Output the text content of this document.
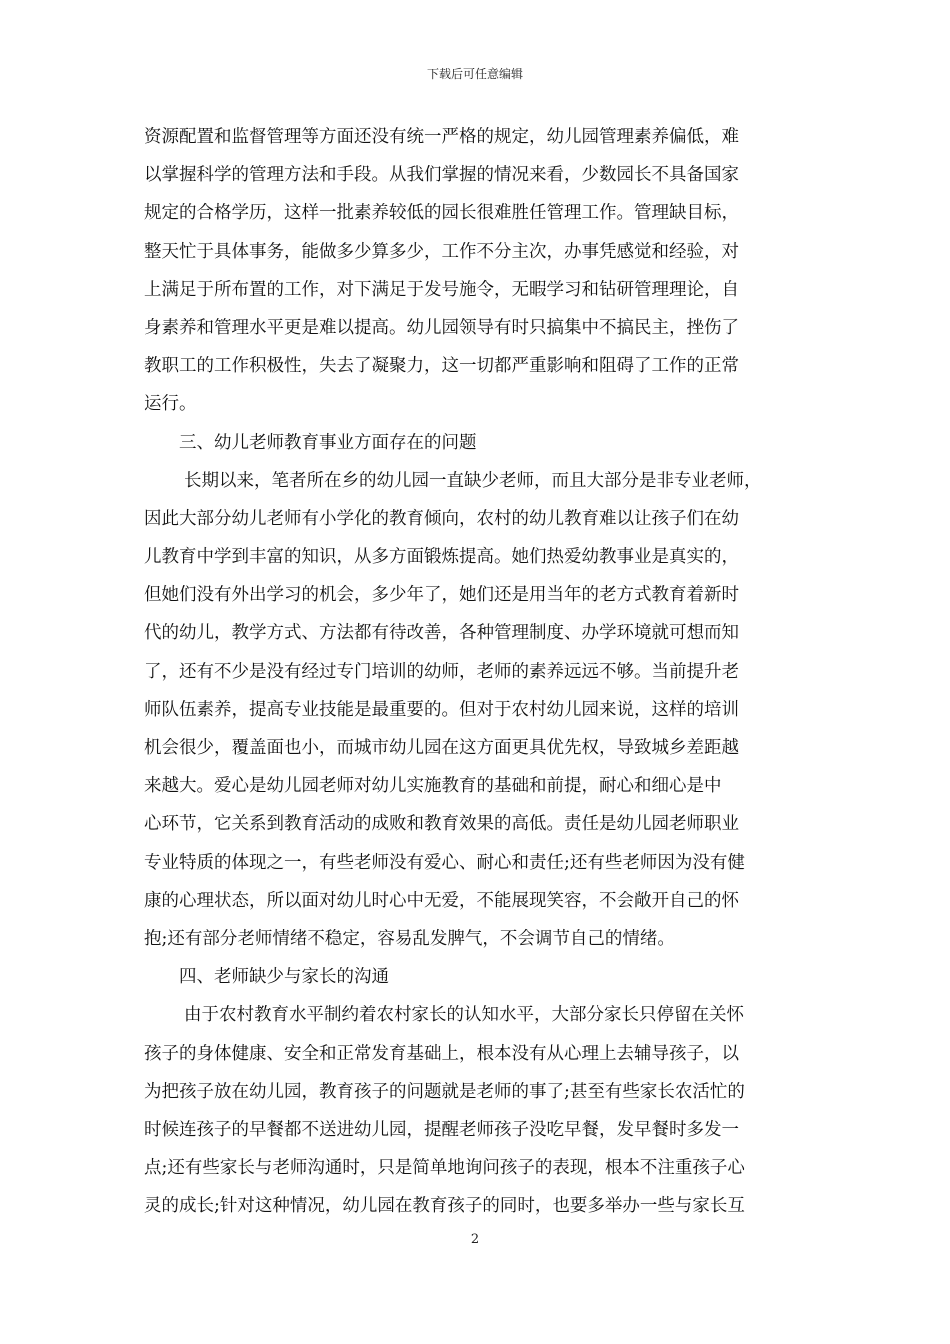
下载后可任意编辑
资源配置和监督管理等方面还没有统一严格的规定，幼儿园管理素养偏低，难
以掌握科学的管理方法和手段。从我们掌握的情况来看，少数园长不具备国家
规定的合格学历，这样一批素养较低的园长很难胜任管理工作。管理缺目标，
整天忙于具体事务，能做多少算多少，工作不分主次，办事凭感觉和经验，对
上满足于所布置的工作，对下满足于发号施令，无暇学习和钻研管理理论，自
身素养和管理水平更是难以提高。幼儿园领导有时只搞集中不搞民主，挫伤了
教职工的工作积极性，失去了凝聚力，这一切都严重影响和阻碍了工作的正常
运行。
三、幼儿老师教育事业方面存在的问题
长期以来，笔者所在乡的幼儿园一直缺少老师，而且大部分是非专业老师，
因此大部分幼儿老师有小学化的教育倾向，农村的幼儿教育难以让孩子们在幼
儿教育中学到丰富的知识，从多方面锻炼提高。她们热爱幼教事业是真实的，
但她们没有外出学习的机会，多少年了，她们还是用当年的老方式教育着新时
代的幼儿，教学方式、方法都有待改善，各种管理制度、办学环境就可想而知
了，还有不少是没有经过专门培训的幼师，老师的素养远远不够。当前提升老
师队伍素养，提高专业技能是最重要的。但对于农村幼儿园来说，这样的培训
机会很少，覆盖面也小，而城市幼儿园在这方面更具优先权，导致城乡差距越
来越大。爱心是幼儿园老师对幼儿实施教育的基础和前提，耐心和细心是中
心环节，它关系到教育活动的成败和教育效果的高低。责任是幼儿园老师职业
专业特质的体现之一，有些老师没有爱心、耐心和责任;还有些老师因为没有健
康的心理状态，所以面对幼儿时心中无爱，不能展现笑容，不会敞开自己的怀
抱;还有部分老师情绪不稳定，容易乱发脾气，不会调节自己的情绪。
四、老师缺少与家长的沟通
由于农村教育水平制约着农村家长的认知水平，大部分家长只停留在关怀
孩子的身体健康、安全和正常发育基础上，根本没有从心理上去辅导孩子，以
为把孩子放在幼儿园，教育孩子的问题就是老师的事了;甚至有些家长农活忙的
时候连孩子的早餐都不送进幼儿园，提醒老师孩子没吃早餐，发早餐时多发一
点;还有些家长与老师沟通时，只是简单地询问孩子的表现，根本不注重孩子心
灵的成长;针对这种情况，幼儿园在教育孩子的同时，也要多举办一些与家长互
2
